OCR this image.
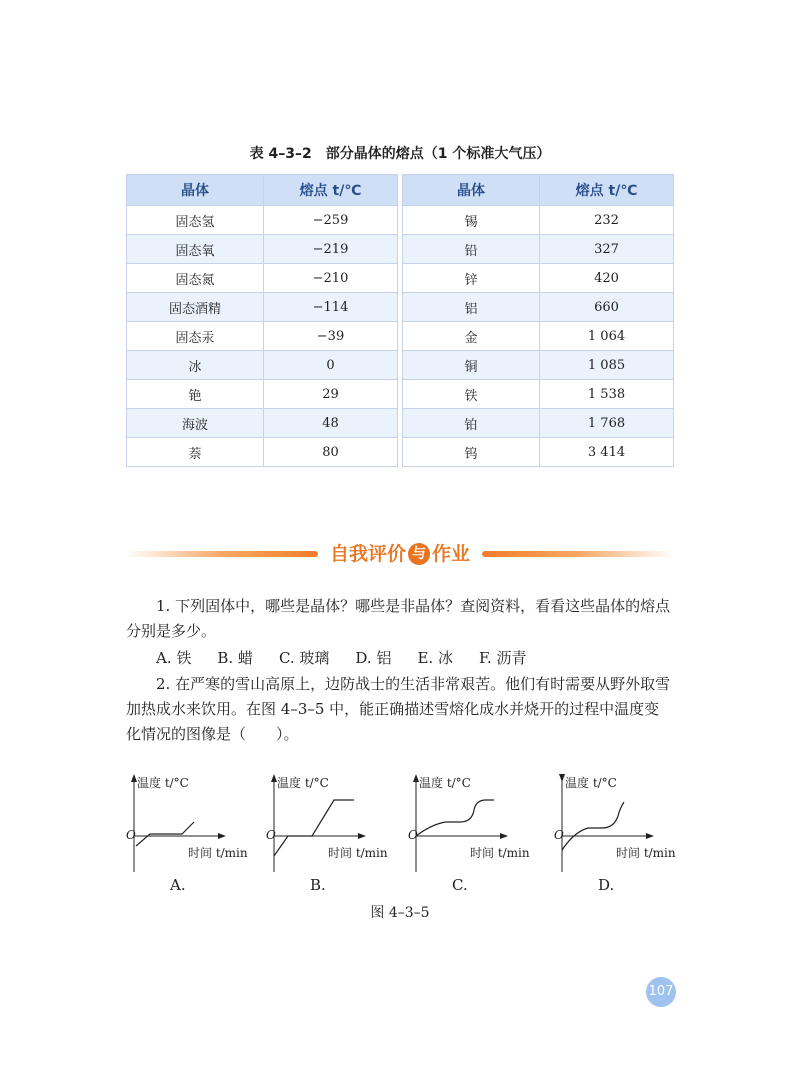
表 4–3–2　部分晶体的熔点（1 个标准大气压）
晶体	熔点 t/℃
固态氢	−259
固态氧	−219
固态氮	−210
固态酒精	−114
固态汞	−39
冰	0
铯	29
海波	48
萘	80
晶体	熔点 t/℃
锡	232
铅	327
锌	420
铝	660
金	1 064
铜	1 085
铁	1 538
铂	1 768
钨	3 414
自我评价 与 作业
1. 下列固体中，哪些是晶体？哪些是非晶体？查阅资料，看看这些晶体的熔点分别是多少。
A. 铁 B. 蜡 C. 玻璃 D. 铝 E. 冰 F. 沥青
2. 在严寒的雪山高原上，边防战士的生活非常艰苦。他们有时需要从野外取雪加热成水来饮用。在图 4–3–5 中，能正确描述雪熔化成水并烧开的过程中温度变化情况的图像是（　　）。
温度 t/°C
O
时间 t/min
A.
温度 t/°C
O
时间 t/min
B.
温度 t/°C
O
时间 t/min
C.
温度 t/°C
O
时间 t/min
D.
图 4–3–5
107
